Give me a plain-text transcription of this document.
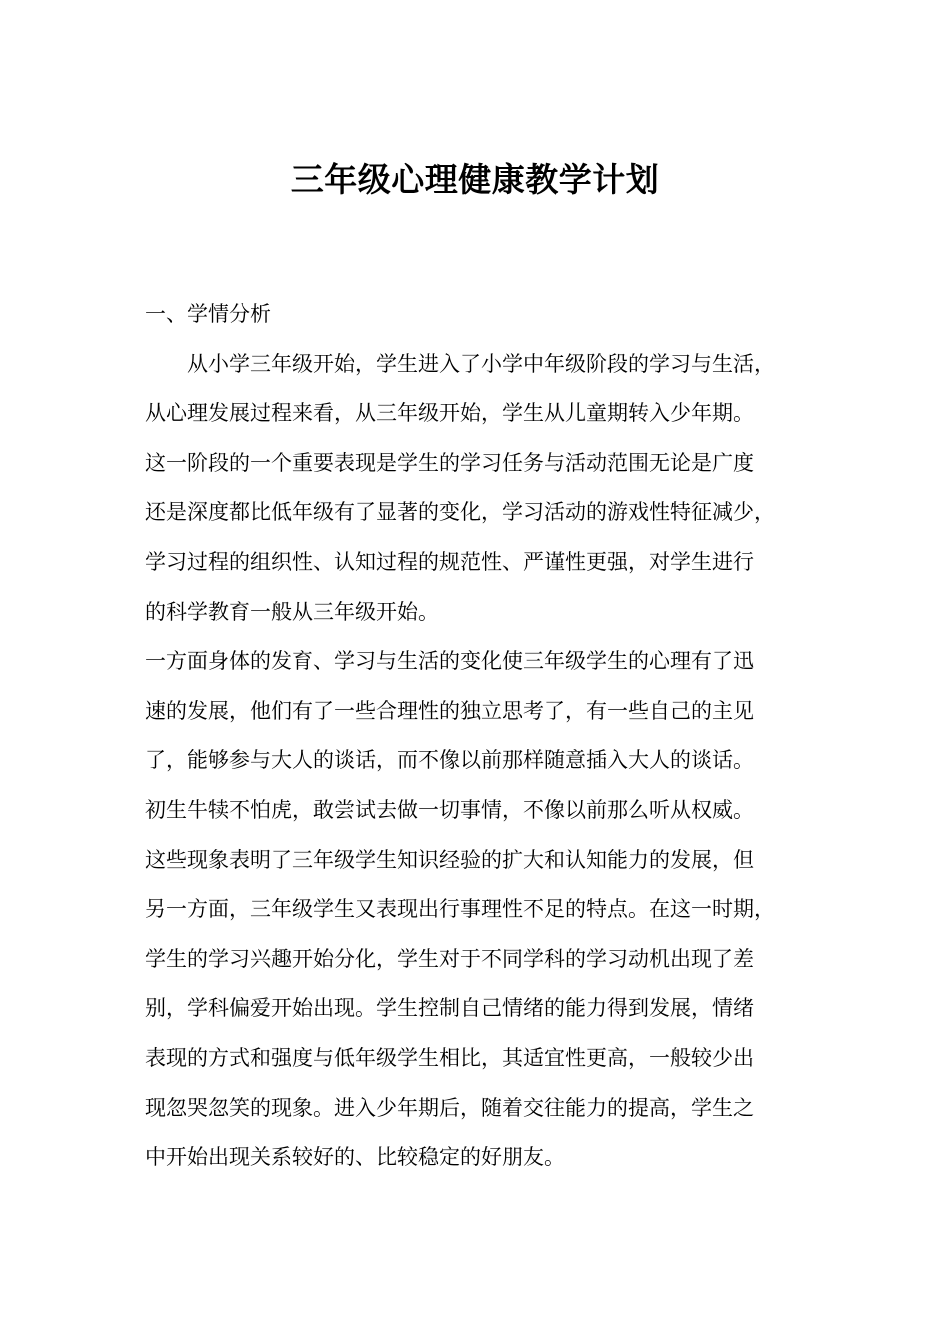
三年级心理健康教学计划
一、学情分析
从小学三年级开始，学生进入了小学中年级阶段的学习与生活，
从心理发展过程来看，从三年级开始，学生从儿童期转入少年期。
这一阶段的一个重要表现是学生的学习任务与活动范围无论是广度
还是深度都比低年级有了显著的变化，学习活动的游戏性特征减少，
学习过程的组织性、认知过程的规范性、严谨性更强，对学生进行
的科学教育一般从三年级开始。
一方面身体的发育、学习与生活的变化使三年级学生的心理有了迅
速的发展，他们有了一些合理性的独立思考了，有一些自己的主见
了，能够参与大人的谈话，而不像以前那样随意插入大人的谈话。
初生牛犊不怕虎，敢尝试去做一切事情，不像以前那么听从权威。
这些现象表明了三年级学生知识经验的扩大和认知能力的发展，但
另一方面，三年级学生又表现出行事理性不足的特点。在这一时期，
学生的学习兴趣开始分化，学生对于不同学科的学习动机出现了差
别，学科偏爱开始出现。学生控制自己情绪的能力得到发展，情绪
表现的方式和强度与低年级学生相比，其适宜性更高，一般较少出
现忽哭忽笑的现象。进入少年期后，随着交往能力的提高，学生之
中开始出现关系较好的、比较稳定的好朋友。
